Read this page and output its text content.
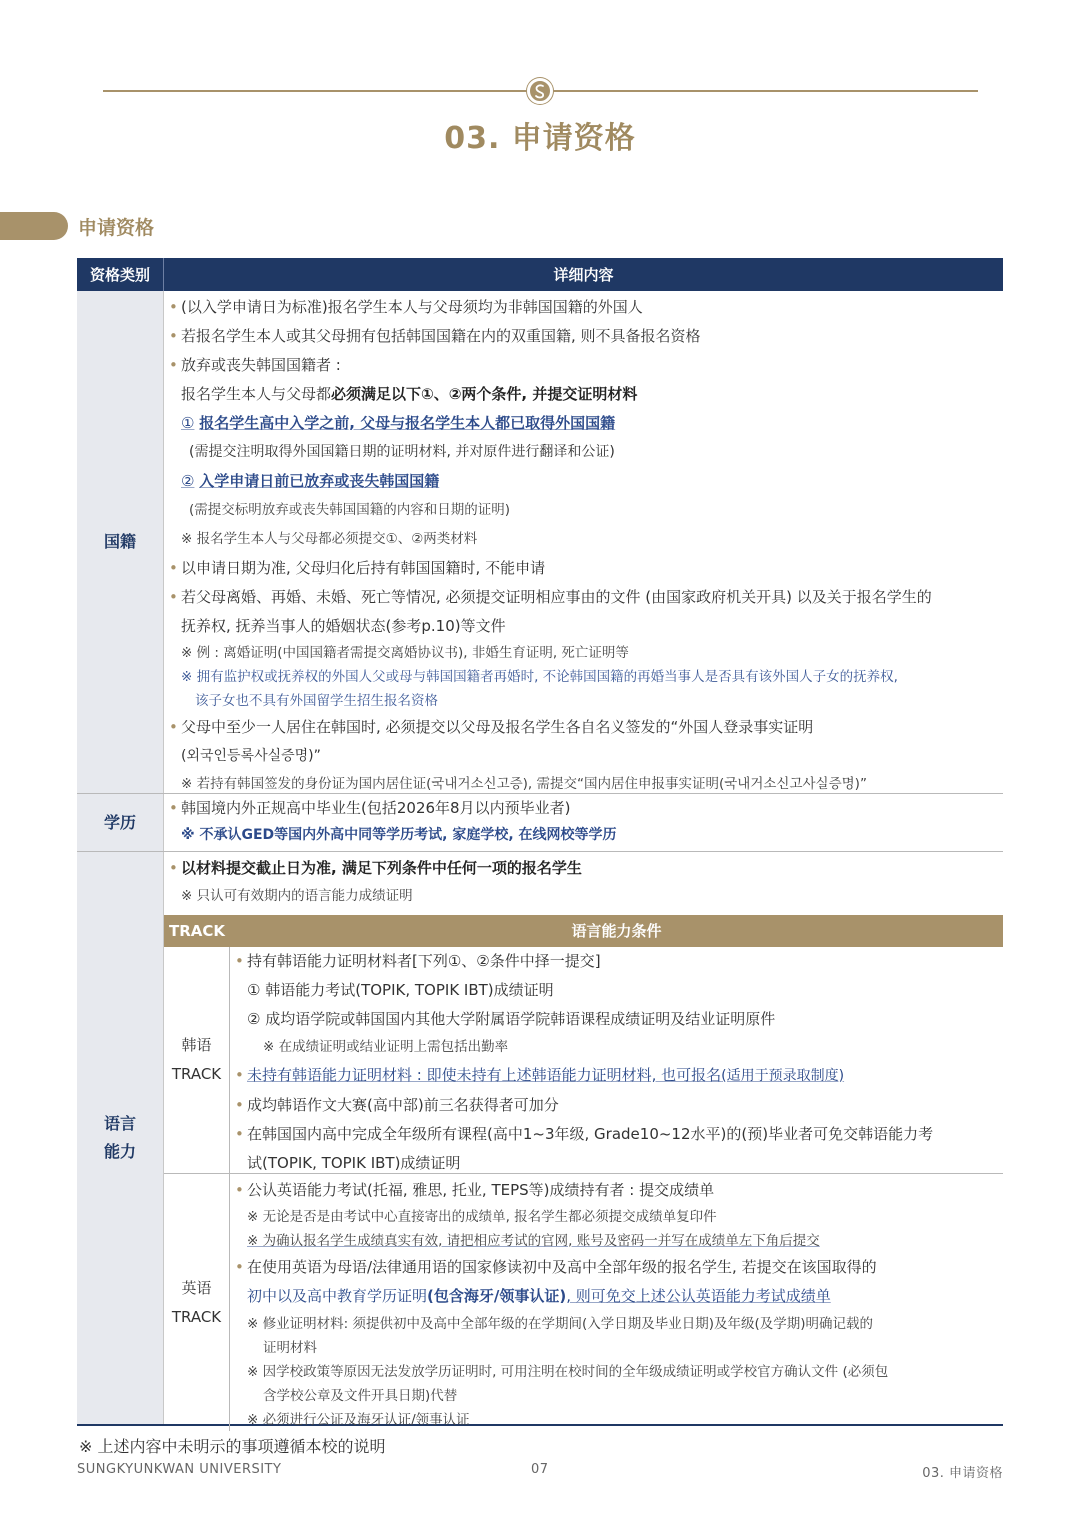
03. 申请资格
申请资格
资格类别	详细内容
国籍
• (以入学申请日为标准)报名学生本人与父母须均为非韩国国籍的外国人
• 若报名学生本人或其父母拥有包括韩国国籍在内的双重国籍, 则不具备报名资格
• 放弃或丧失韩国国籍者 :
报名学生本人与父母都必须满足以下①、②两个条件, 并提交证明材料
① 报名学生高中入学之前, 父母与报名学生本人都已取得外国国籍
(需提交注明取得外国国籍日期的证明材料, 并对原件进行翻译和公证)
② 入学申请日前已放弃或丧失韩国国籍
(需提交标明放弃或丧失韩国国籍的内容和日期的证明)
※ 报名学生本人与父母都必须提交①、②两类材料
• 以申请日期为准, 父母归化后持有韩国国籍时, 不能申请
• 若父母离婚、再婚、未婚、死亡等情况, 必须提交证明相应事由的文件 (由国家政府机关开具) 以及关于报名学生的
抚养权, 抚养当事人的婚姻状态(参考p.10)等文件
※ 例 : 离婚证明(中国国籍者需提交离婚协议书), 非婚生育证明, 死亡证明等
※ 拥有监护权或抚养权的外国人父或母与韩国国籍者再婚时, 不论韩国国籍的再婚当事人是否具有该外国人子女的抚养权,
该子女也不具有外国留学生招生报名资格
• 父母中至少一人居住在韩国时, 必须提交以父母及报名学生各自名义签发的“外国人登录事实证明
(외국인등록사실증명)”
※ 若持有韩国签发的身份证为国内居住证(국내거소신고증), 需提交“国内居住申报事实证明(국내거소신고사실증명)”
学历
• 韩国境内外正规高中毕业生(包括2026年8月以内预毕业者)
※ 不承认GED等国内外高中同等学历考试, 家庭学校, 在线网校等学历
语言
能力
• 以材料提交截止日为准, 满足下列条件中任何一项的报名学生
※ 只认可有效期内的语言能力成绩证明
TRACK	语言能力条件
韩语
TRACK
• 持有韩语能力证明材料者[下列①、②条件中择一提交]
① 韩语能力考试(TOPIK, TOPIK IBT)成绩证明
② 成均语学院或韩国国内其他大学附属语学院韩语课程成绩证明及结业证明原件
※ 在成绩证明或结业证明上需包括出勤率
• 未持有韩语能力证明材料 : 即使未持有上述韩语能力证明材料, 也可报名(适用于预录取制度)
• 成均韩语作文大赛(高中部)前三名获得者可加分
• 在韩国国内高中完成全年级所有课程(高中1~3年级, Grade10~12水平)的(预)毕业者可免交韩语能力考
试(TOPIK, TOPIK IBT)成绩证明
英语
TRACK
• 公认英语能力考试(托福, 雅思, 托业, TEPS等)成绩持有者 : 提交成绩单
※ 无论是否是由考试中心直接寄出的成绩单, 报名学生都必须提交成绩单复印件
※ 为确认报名学生成绩真实有效, 请把相应考试的官网, 账号及密码一并写在成绩单左下角后提交
• 在使用英语为母语/法律通用语的国家修读初中及高中全部年级的报名学生, 若提交在该国取得的
初中以及高中教育学历证明(包含海牙/领事认证), 则可免交上述公认英语能力考试成绩单
※ 修业证明材料: 须提供初中及高中全部年级的在学期间(入学日期及毕业日期)及年级(及学期)明确记载的
证明材料
※ 因学校政策等原因无法发放学历证明时, 可用注明在校时间的全年级成绩证明或学校官方确认文件 (必须包
含学校公章及文件开具日期)代替
※ 必须进行公证及海牙认证/领事认证
※ 上述内容中未明示的事项遵循本校的说明
SUNGKYUNKWAN UNIVERSITY	07	03. 申请资格
